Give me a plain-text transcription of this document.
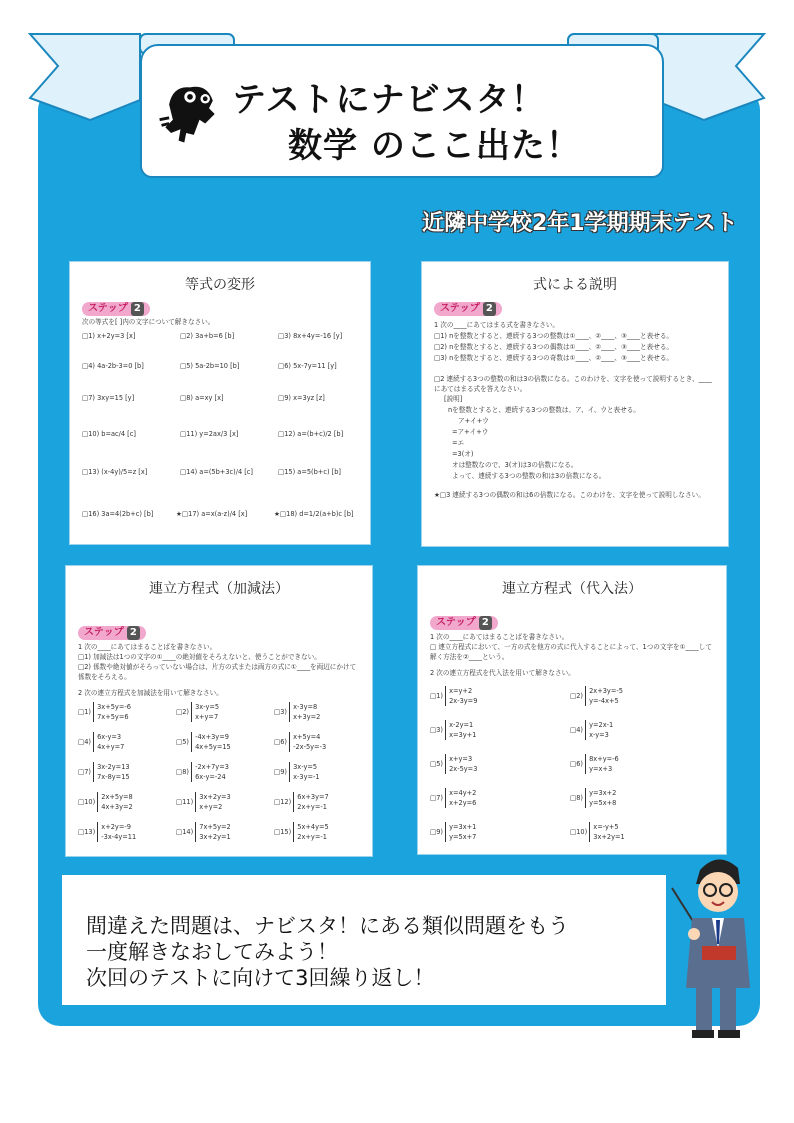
テストにナビスタ！
数学 のここ出た！
近隣中学校2年1学期期末テスト
等式の変形
ステップ 2
次の等式を[ ]内の文字について解きなさい。
□1) x+2y=3 [x]	□2) 3a+b=6 [b]	□3) 8x+4y=-16 [y]
□4) 4a-2b-3=0 [b]	□5) 5a-2b=10 [b]	□6) 5x-7y=11 [y]
□7) 3xy=15 [y]	□8) a=xy [x]	□9) x=3yz [z]
□10) b=ac/4 [c]	□11) y=2ax/3 [x]	□12) a=(b+c)/2 [b]
□13) (x-4y)/5=z [x]	□14) a=(5b+3c)/4 [c]	□15) a=5(b+c) [b]
□16) 3a=4(2b+c) [b]	★□17) a=x(a-z)/4 [x]	★□18) d=1/2(a+b)c [b]
式による説明
ステップ 2
1 次の____にあてはまる式を書きなさい。
□1) nを整数とすると、連続する3つの整数は①____、②____、③____と表せる。
□2) nを整数とすると、連続する3つの偶数は①____、②____、③____と表せる。
□3) nを整数とすると、連続する3つの奇数は①____、②____、③____と表せる。
□2 連続する3つの整数の和は3の倍数になる。このわけを、文字を使って説明するとき、____にあてはまる式を答えなさい。
[説明]
nを整数とすると、連続する3つの整数は、ア、イ、ウと表せる。
ア+イ+ウ
=ア+イ+ウ
=エ
=3(オ)
オは整数なので、3(オ)は3の倍数になる。
よって、連続する3つの整数の和は3の倍数になる。
★□3 連続する3つの偶数の和は6の倍数になる。このわけを、文字を使って説明しなさい。
連立方程式（加減法）
ステップ 2
1 次の____にあてはまることばを書きなさい。
□1) 加減法は1つの文字の①____の絶対値をそろえないと、使うことができない。
□2) 係数や絶対値がそろっていない場合は、片方の式または両方の式に①____を両辺にかけて係数をそろえる。
2 次の連立方程式を加減法を用いて解きなさい。
□1)
3x+5y=-6
7x+5y=6
□2)
3x-y=5
x+y=7
□3)
x-3y=8
x+3y=2
□4)
6x-y=3
4x+y=7
□5)
-4x+3y=9
4x+5y=15
□6)
x+5y=4
-2x-5y=-3
□7)
3x-2y=13
7x-8y=15
□8)
-2x+7y=3
6x-y=-24
□9)
3x-y=5
x-3y=-1
□10)
2x+5y=8
4x+3y=2
□11)
3x+2y=3
x+y=2
□12)
6x+3y=7
2x+y=-1
□13)
x+2y=-9
-3x-4y=11
□14)
7x+5y=2
3x+2y=1
□15)
5x+4y=5
2x+y=-1
連立方程式（代入法）
ステップ 2
1 次の____にあてはまることばを書きなさい。
□ 連立方程式において、一方の式を他方の式に代入することによって、1つの文字を①____して解く方法を②____という。
2 次の連立方程式を代入法を用いて解きなさい。
□1)
x=y+2
2x-3y=9
□2)
2x+3y=-5
y=-4x+5
□3)
x-2y=1
x=3y+1
□4)
y=2x-1
x-y=3
□5)
x+y=3
2x-5y=3
□6)
8x+y=-6
y=x+3
□7)
x=4y+2
x+2y=6
□8)
y=3x+2
y=5x+8
□9)
y=3x+1
y=5x+7
□10)
x=-y+5
3x+2y=1
間違えた問題は、ナビスタ！にある類似問題をもう
一度解きなおしてみよう！
次回のテストに向けて3回繰り返し！
